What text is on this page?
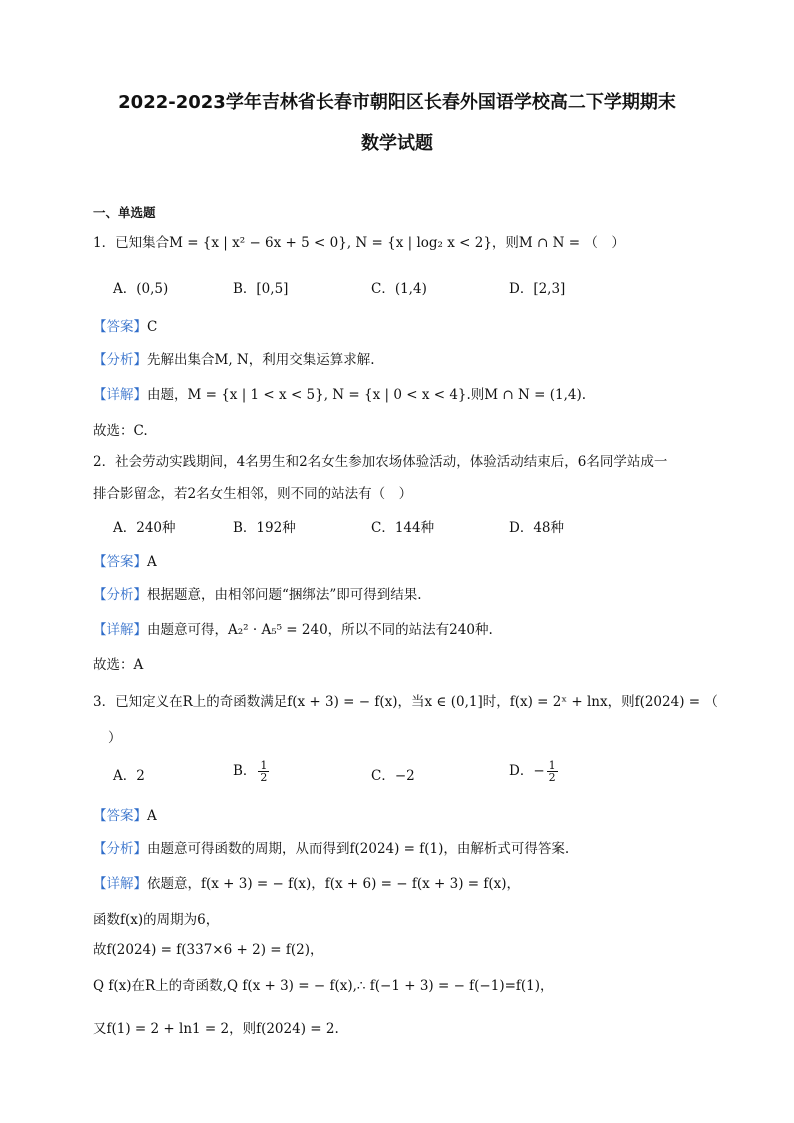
2022-2023学年吉林省长春市朝阳区长春外国语学校高二下学期期末
数学试题
一、单选题
1．已知集合M = {x | x² − 6x + 5 < 0}, N = {x | log₂ x < 2}，则M ∩ N = （　）
A．(0,5)	B．[0,5]	C．(1,4)	D．[2,3]
【答案】C
【分析】先解出集合M, N，利用交集运算求解.
【详解】由题，M = {x | 1 < x < 5}, N = {x | 0 < x < 4}.则M ∩ N = (1,4).
故选：C.
2．社会劳动实践期间，4名男生和2名女生参加农场体验活动，体验活动结束后，6名同学站成一
排合影留念，若2名女生相邻，则不同的站法有（　）
A．240种	B．192种	C．144种	D．48种
【答案】A
【分析】根据题意，由相邻问题“捆绑法”即可得到结果.
【详解】由题意可得，A₂² · A₅⁵ = 240，所以不同的站法有240种.
故选：A
3．已知定义在R上的奇函数满足f(x + 3) = − f(x)，当x ∈ (0,1]时，f(x) = 2ˣ + lnx，则f(2024) = （
）
A．2	B． $\frac{1}{2}$	C．−2	D．− $\frac{1}{2}$
【答案】A
【分析】由题意可得函数的周期，从而得到f(2024) = f(1)，由解析式可得答案.
【详解】依题意，f(x + 3) = − f(x)，f(x + 6) = − f(x + 3) = f(x)，
函数f(x)的周期为6，
故f(2024) = f(337×6 + 2) = f(2)，
Q f(x)在R上的奇函数,Q f(x + 3) = − f(x),∴ f(−1 + 3) = − f(−1)=f(1)，
又f(1) = 2 + ln1 = 2，则f(2024) = 2.
